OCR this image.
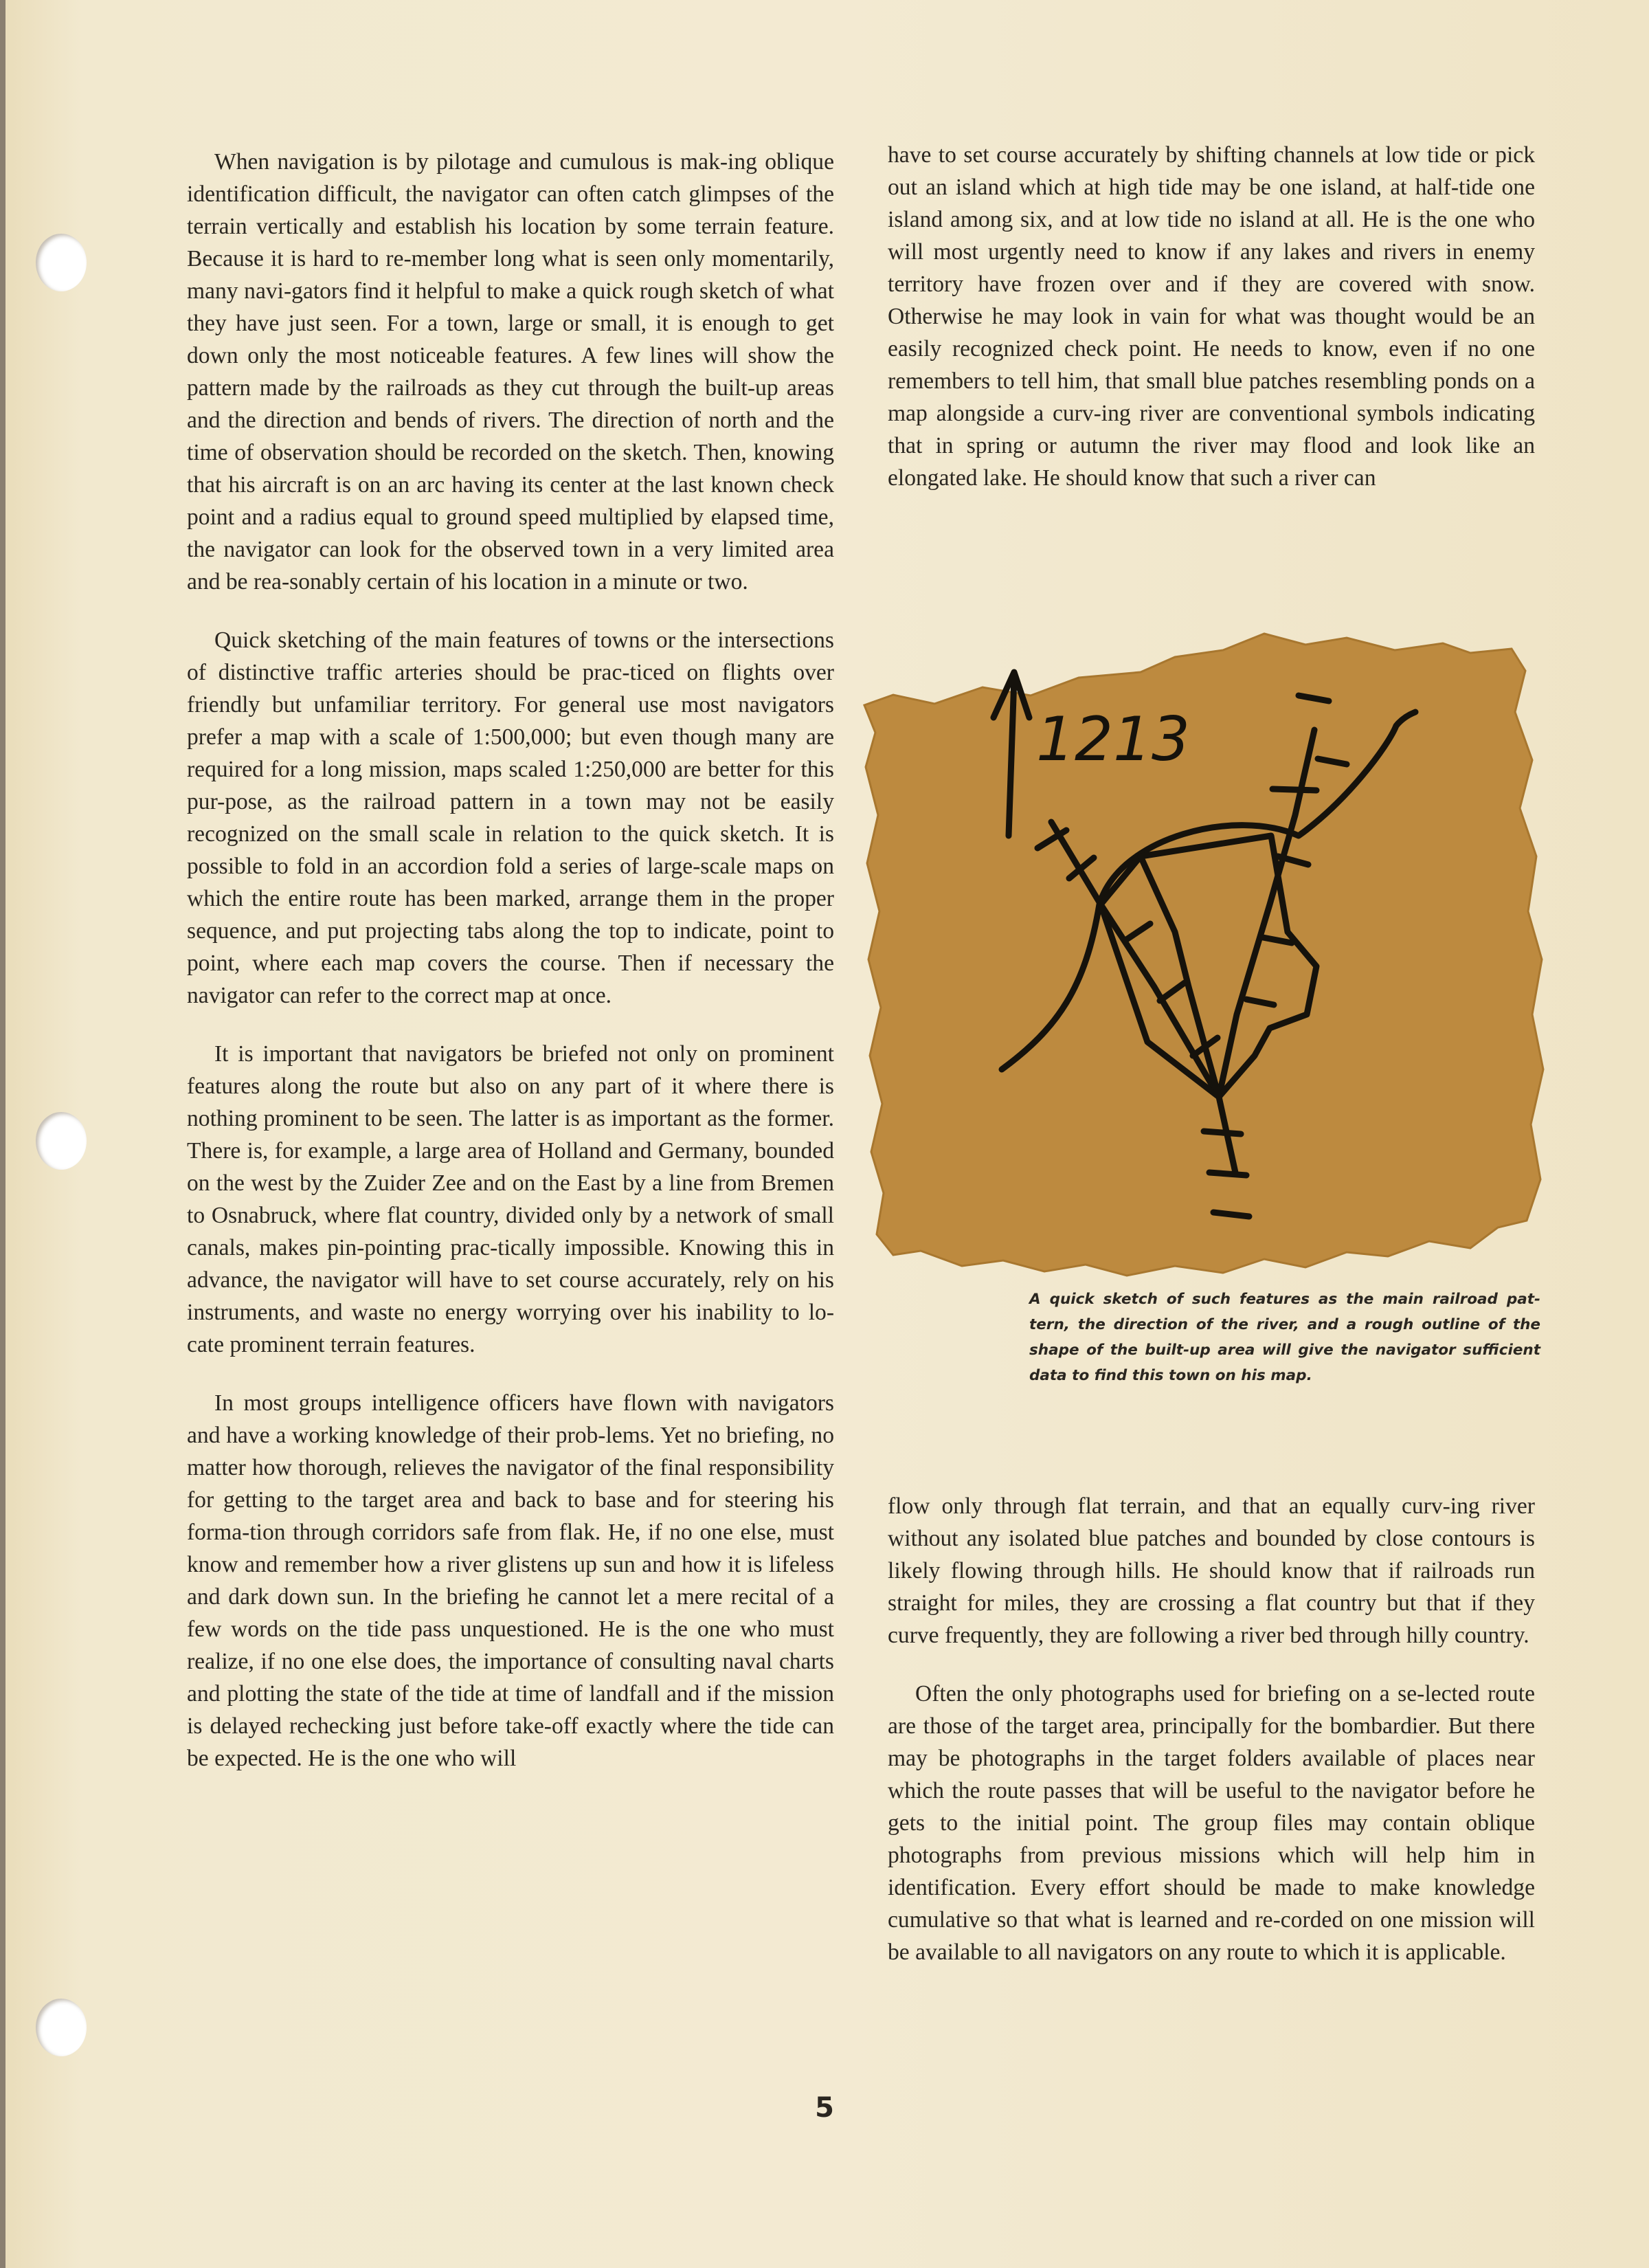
When navigation is by pilotage and cumulous is mak-ing oblique identification difficult, the navigator can often catch glimpses of the terrain vertically and establish his location by some terrain feature. Because it is hard to re-member long what is seen only momentarily, many navi-gators find it helpful to make a quick rough sketch of what they have just seen. For a town, large or small, it is enough to get down only the most noticeable features. A few lines will show the pattern made by the railroads as they cut through the built-up areas and the direction and bends of rivers. The direction of north and the time of observation should be recorded on the sketch. Then, knowing that his aircraft is on an arc having its center at the last known check point and a radius equal to ground speed multiplied by elapsed time, the navigator can look for the observed town in a very limited area and be rea-sonably certain of his location in a minute or two.

Quick sketching of the main features of towns or the intersections of distinctive traffic arteries should be prac-ticed on flights over friendly but unfamiliar territory. For general use most navigators prefer a map with a scale of 1:500,000; but even though many are required for a long mission, maps scaled 1:250,000 are better for this pur-pose, as the railroad pattern in a town may not be easily recognized on the small scale in relation to the quick sketch. It is possible to fold in an accordion fold a series of large-scale maps on which the entire route has been marked, arrange them in the proper sequence, and put projecting tabs along the top to indicate, point to point, where each map covers the course. Then if necessary the navigator can refer to the correct map at once.

It is important that navigators be briefed not only on prominent features along the route but also on any part of it where there is nothing prominent to be seen. The latter is as important as the former. There is, for example, a large area of Holland and Germany, bounded on the west by the Zuider Zee and on the East by a line from Bremen to Osnabruck, where flat country, divided only by a network of small canals, makes pin-pointing prac-tically impossible. Knowing this in advance, the navigator will have to set course accurately, rely on his instruments, and waste no energy worrying over his inability to lo-cate prominent terrain features.

In most groups intelligence officers have flown with navigators and have a working knowledge of their prob-lems. Yet no briefing, no matter how thorough, relieves the navigator of the final responsibility for getting to the target area and back to base and for steering his forma-tion through corridors safe from flak. He, if no one else, must know and remember how a river glistens up sun and how it is lifeless and dark down sun. In the briefing he cannot let a mere recital of a few words on the tide pass unquestioned. He is the one who must realize, if no one else does, the importance of consulting naval charts and plotting the state of the tide at time of landfall and if the mission is delayed rechecking just before take-off exactly where the tide can be expected. He is the one who will

have to set course accurately by shifting channels at low tide or pick out an island which at high tide may be one island, at half-tide one island among six, and at low tide no island at all. He is the one who will most urgently need to know if any lakes and rivers in enemy territory have frozen over and if they are covered with snow. Otherwise he may look in vain for what was thought would be an easily recognized check point. He needs to know, even if no one remembers to tell him, that small blue patches resembling ponds on a map alongside a curv-ing river are conventional symbols indicating that in spring or autumn the river may flood and look like an elongated lake. He should know that such a river can

1213
A quick sketch of such features as the main railroad pat-tern, the direction of the river, and a rough outline of the shape of the built-up area will give the navigator sufficient data to find this town on his map.

flow only through flat terrain, and that an equally curv-ing river without any isolated blue patches and bounded by close contours is likely flowing through hills. He should know that if railroads run straight for miles, they are crossing a flat country but that if they curve frequently, they are following a river bed through hilly country.

Often the only photographs used for briefing on a se-lected route are those of the target area, principally for the bombardier. But there may be photographs in the target folders available of places near which the route passes that will be useful to the navigator before he gets to the initial point. The group files may contain oblique photographs from previous missions which will help him in identification. Every effort should be made to make knowledge cumulative so that what is learned and re-corded on one mission will be available to all navigators on any route to which it is applicable.

5
